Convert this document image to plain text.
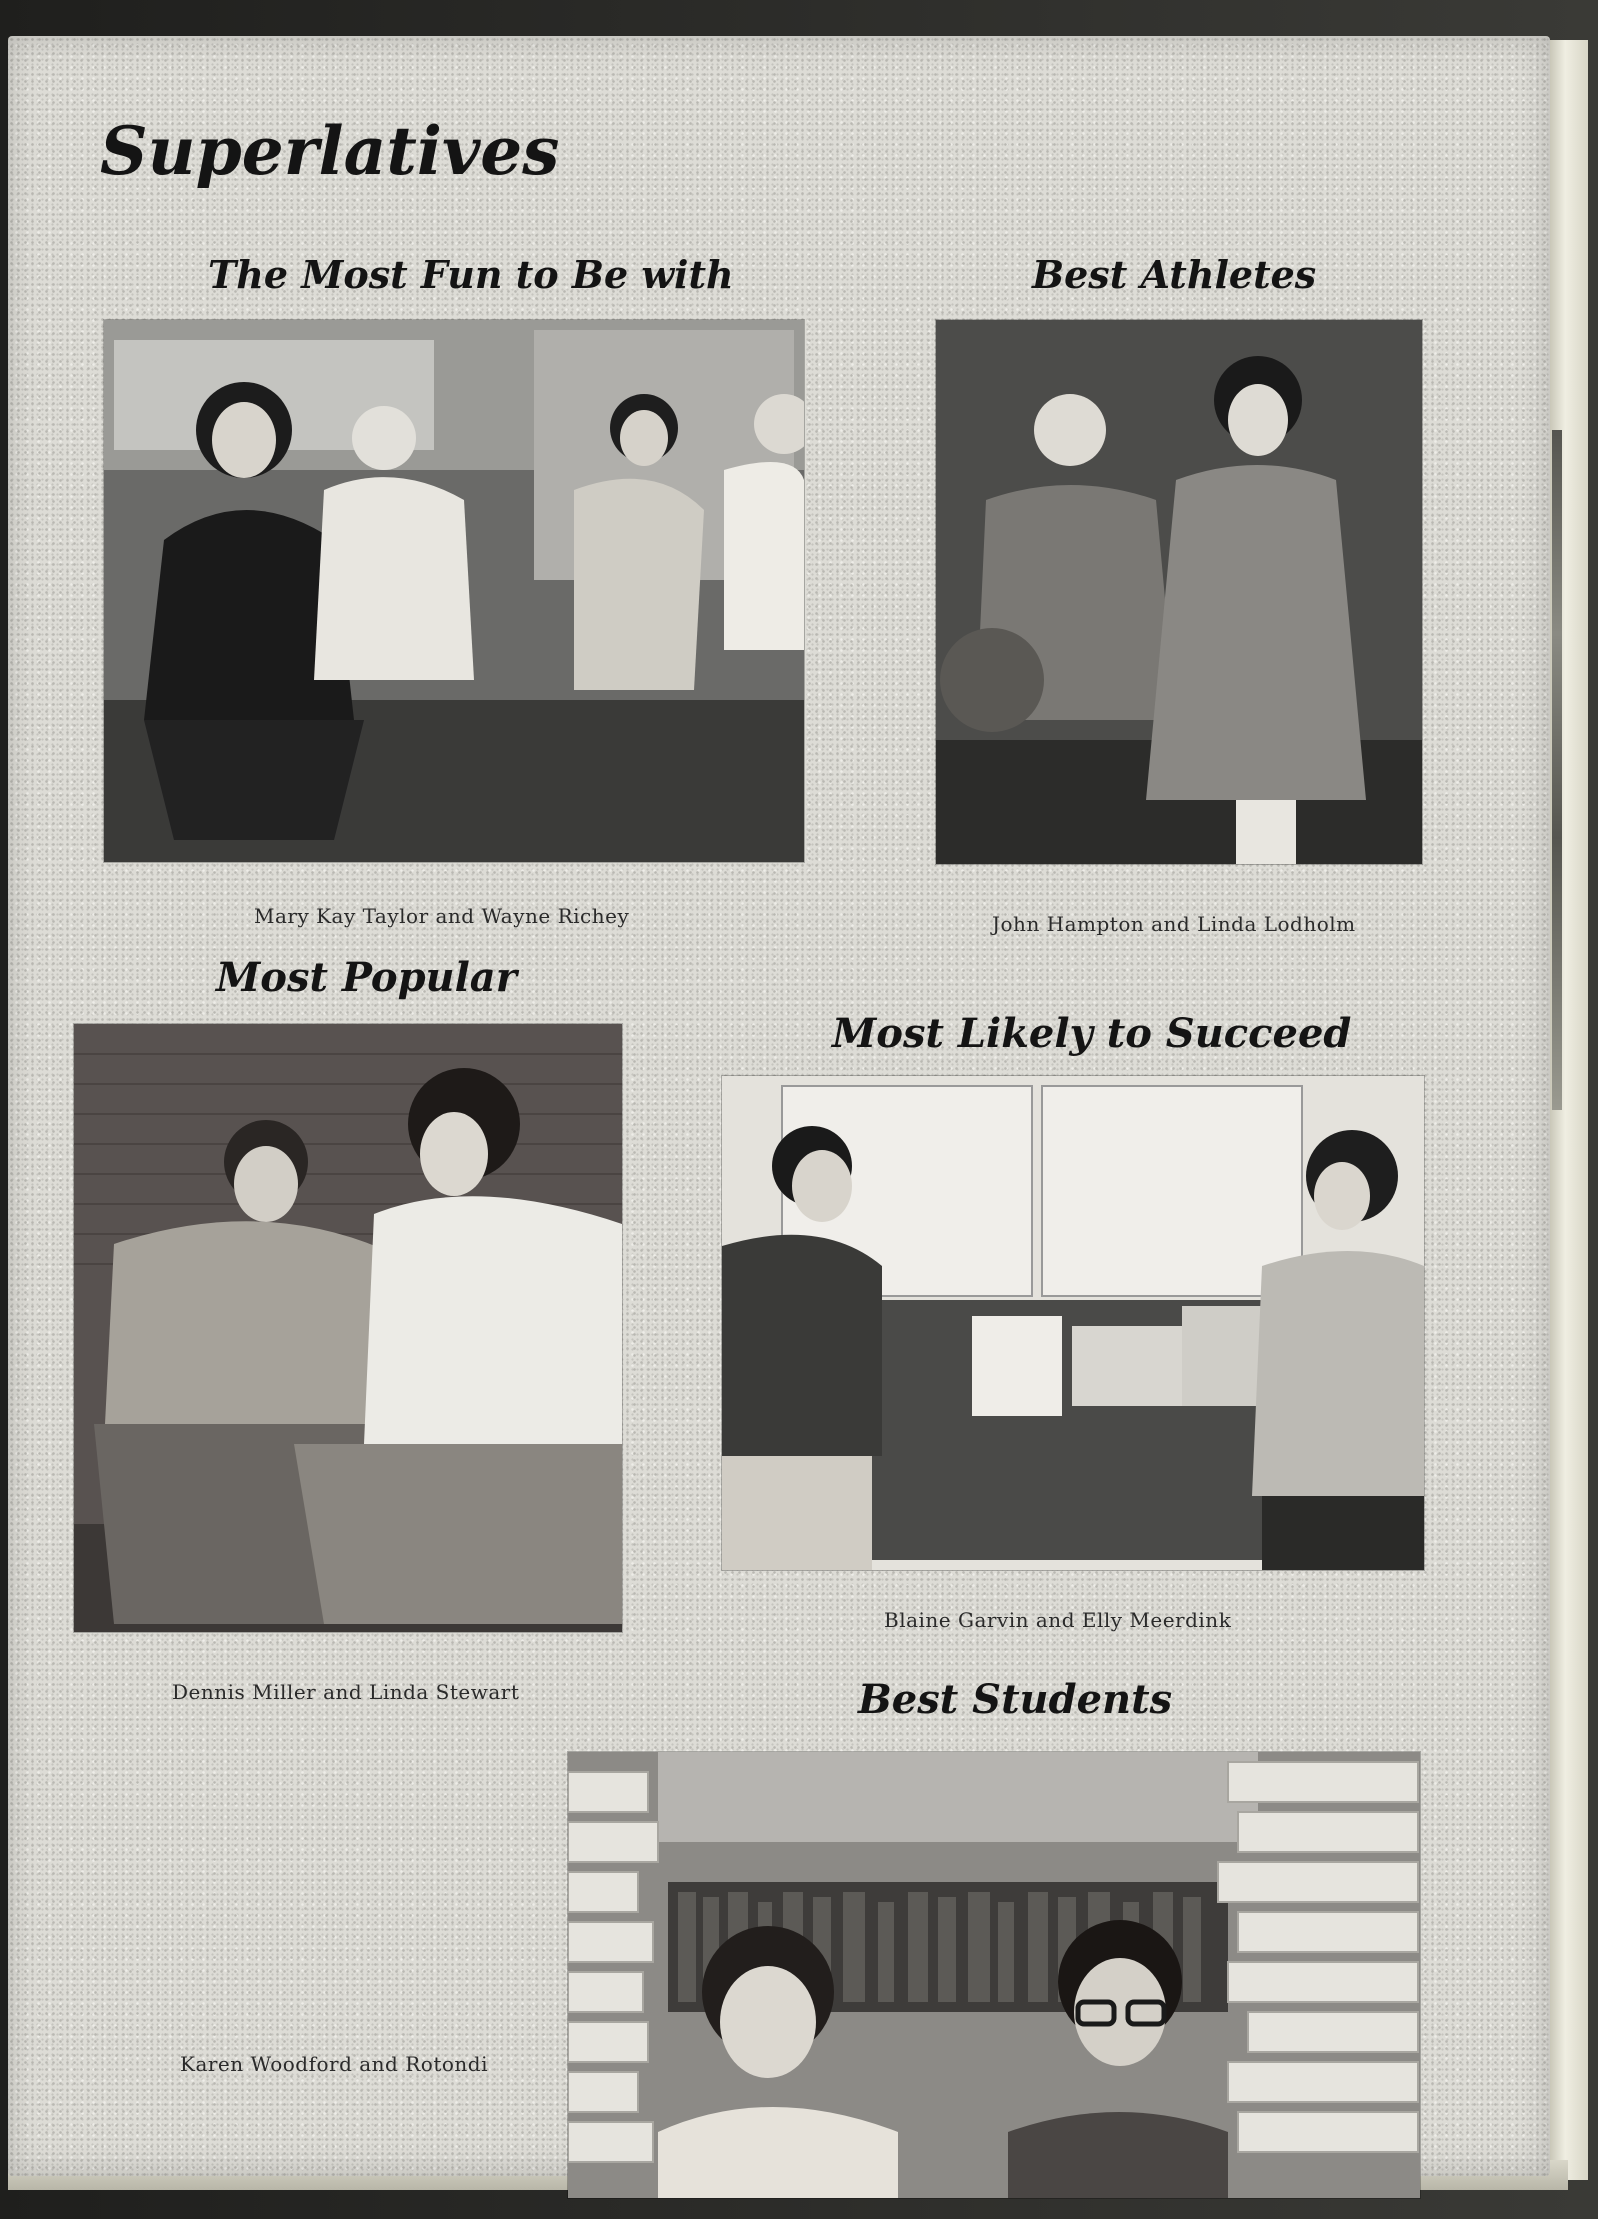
Superlatives
The Most Fun to Be with

Mary Kay Taylor and Wayne Richey

Best Athletes

John Hampton and Linda Lodholm

Most Popular

Dennis Miller and Linda Stewart

Most Likely to Succeed

Blaine Garvin and Elly Meerdink

Best Students

Karen Woodford and Rotondi
